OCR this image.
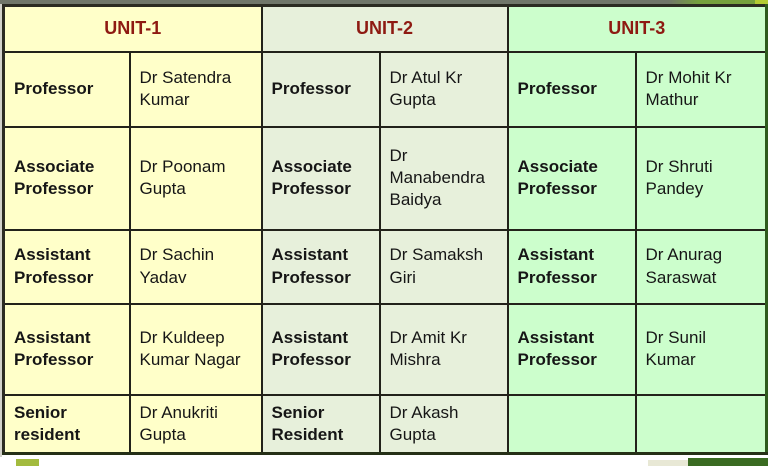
UNIT-1		UNIT-2		UNIT-3	
Professor	Dr Satendra Kumar	Professor	Dr Atul Kr Gupta	Professor	Dr Mohit Kr Mathur
Associate Professor	Dr Poonam Gupta	Associate Professor	Dr Manabendra Baidya	Associate Professor	Dr Shruti Pandey
Assistant Professor	Dr Sachin Yadav	Assistant Professor	Dr Samaksh Giri	Assistant Professor	Dr Anurag Saraswat
Assistant Professor	Dr Kuldeep Kumar Nagar	Assistant Professor	Dr Amit Kr Mishra	Assistant Professor	Dr Sunil Kumar
Senior resident	Dr Anukriti Gupta	Senior Resident	Dr Akash Gupta		
